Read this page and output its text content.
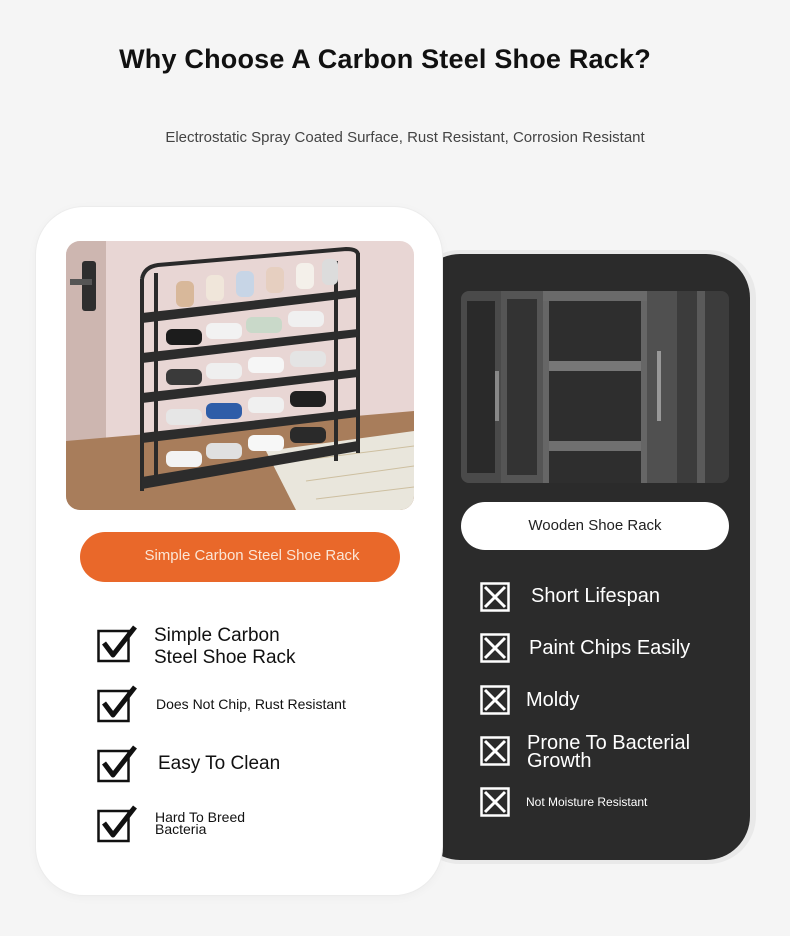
Why Choose A Carbon Steel Shoe Rack?
Electrostatic Spray Coated Surface, Rust Resistant, Corrosion Resistant
Wooden Shoe Rack
Short Lifespan
Paint Chips Easily
Moldy
Prone To Bacterial
Growth
Not Moisture Resistant
Simple Carbon Steel Shoe Rack
Simple Carbon
Steel Shoe Rack
Does Not Chip, Rust Resistant
Easy To Clean
Hard To Breed
Bacteria
